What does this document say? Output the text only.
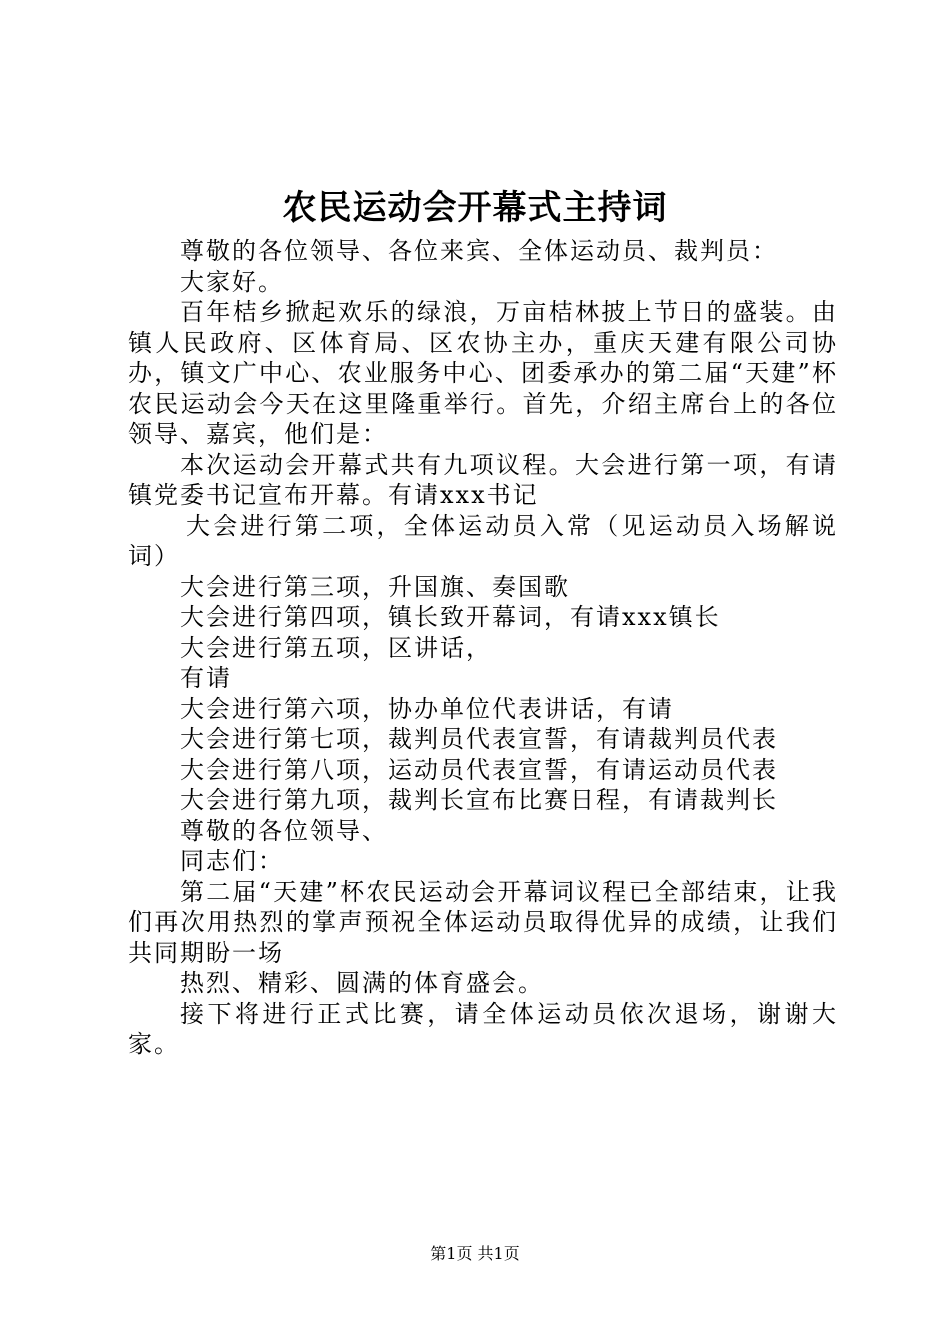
农民运动会开幕式主持词

尊敬的各位领导、各位来宾、全体运动员、裁判员：

大家好。

百年桔乡掀起欢乐的绿浪，万亩桔林披上节日的盛装。由镇人民政府、区体育局、区农协主办，重庆天建有限公司协办，镇文广中心、农业服务中心、团委承办的第二届“天建”杯农民运动会今天在这里隆重举行。首先，介绍主席台上的各位领导、嘉宾，他们是：

本次运动会开幕式共有九项议程。大会进行第一项，有请镇党委书记宣布开幕。有请xxx书记

大会进行第二项，全体运动员入常（见运动员入场解说词）

大会进行第三项，升国旗、奏国歌

大会进行第四项，镇长致开幕词，有请xxx镇长

大会进行第五项，区讲话，

有请

大会进行第六项，协办单位代表讲话，有请

大会进行第七项，裁判员代表宣誓，有请裁判员代表

大会进行第八项，运动员代表宣誓，有请运动员代表

大会进行第九项，裁判长宣布比赛日程，有请裁判长

尊敬的各位领导、

同志们：

第二届“天建”杯农民运动会开幕词议程已全部结束，让我们再次用热烈的掌声预祝全体运动员取得优异的成绩，让我们共同期盼一场

热烈、精彩、圆满的体育盛会。

接下将进行正式比赛，请全体运动员依次退场，谢谢大家。

第1页 共1页
